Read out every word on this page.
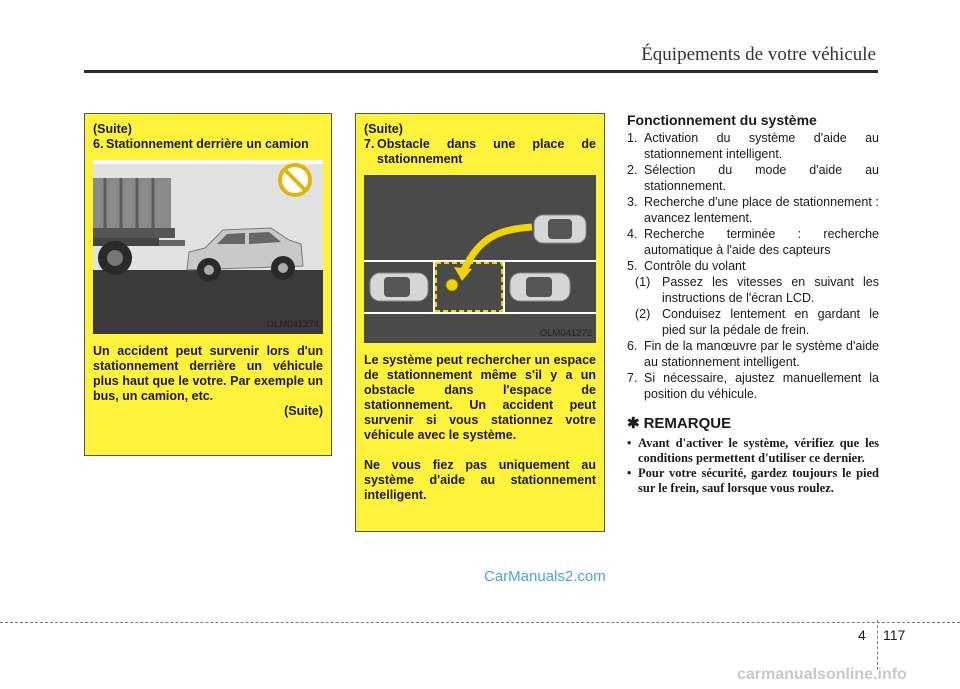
Équipements de votre véhicule

(Suite)

6. Stationnement derrière un camion
OLM041274

Un accident peut survenir lors d'un stationnement derrière un véhicule plus haut que le votre. Par exemple un bus, un camion, etc.

(Suite)

(Suite)

7. Obstacle dans une place de stationnement
OLM041272

Le système peut rechercher un espace de stationnement même s'il y a un obstacle dans l'espace de stationnement. Un accident peut survenir si vous stationnez votre véhicule avec le système.

Ne vous fiez pas uniquement au système d'aide au stationnement intelligent.

Fonctionnement du système
1. Activation du système d'aide au stationnement intelligent.
2. Sélection du mode d'aide au stationnement.
3. Recherche d'une place de stationnement : avancez lentement.
4. Recherche terminée : recherche automatique à l'aide des capteurs
5. Contrôle du volant
(1) Passez les vitesses en suivant les instructions de l'écran LCD.
(2) Conduisez lentement en gardant le pied sur la pédale de frein.
6. Fin de la manœuvre par le système d'aide au stationnement intelligent.
7. Si nécessaire, ajustez manuellement la position du véhicule.
✱ REMARQUE
• Avant d'activer le système, vérifiez que les conditions permettent d'utiliser ce dernier.
• Pour votre sécurité, gardez toujours le pied sur le frein, sauf lorsque vous roulez.
CarManuals2.com
4 117
carmanualsonline.info
